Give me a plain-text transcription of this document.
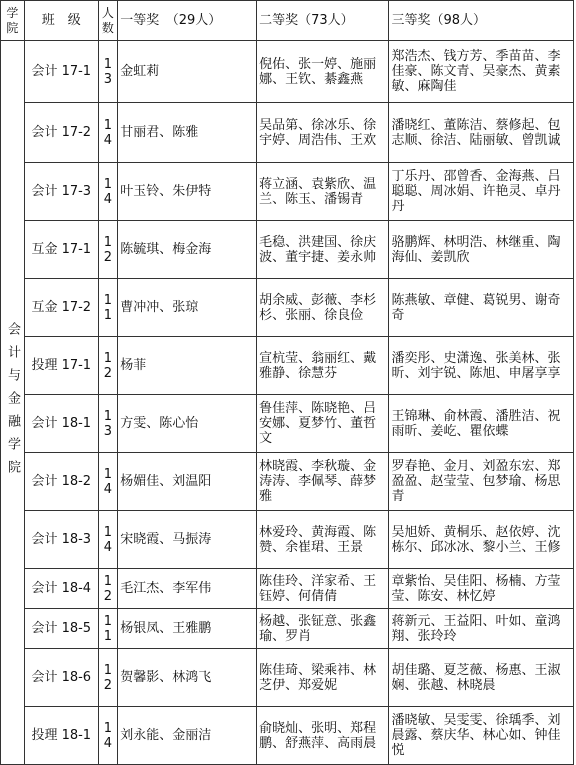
学院	班　级	人数	一等奖　（29人）	二等奖（73人）	三等奖（98人）

会计与金融学院	会计 17-1	13	金虹莉	倪佑、张一婷、施丽娜、王钦、綦鑫燕	郑浩杰、钱方芳、季苗苗、李佳豪、陈文青、吴豪杰、黄素敏、麻陶佳

	会计 17-2	14	甘丽君、陈雅	吴品第、徐冰乐、徐宇婷、周浩伟、王欢	潘晓红、董陈洁、蔡修起、包志顺、徐洁、陆丽敏、曾凯诚

	会计 17-3	14	叶玉铃、朱伊特	蒋立涵、袁紫欣、温兰、陈玉、潘锡青	丁乐丹、邵曾香、金海燕、吕聪聪、周冰娟、许艳灵、卓丹丹

	互金 17-1	12	陈毓琪、梅金海	毛稳、洪建国、徐庆波、董宇捷、姜永帅	骆鹏辉、林明浩、林继重、陶海仙、姜凯欣

	互金 17-2	11	曹冲冲、张琼	胡余威、彭薇、李杉杉、张丽、徐良俭	陈燕敏、章健、葛锐男、谢奇奇

	投理 17-1	12	杨菲	宣杭莹、翁丽红、戴雅静、徐慧芬	潘奕彤、史潇逸、张美林、张昕、刘宇锐、陈旭、申屠享享

	会计 18-1	13	方雯、陈心怡	鲁佳萍、陈晓艳、吕安娜、夏梦竹、董哲文	王锦琳、俞林霞、潘胜洁、祝雨昕、姜屹、瞿依蝶

	会计 18-2	14	杨媚佳、刘温阳	林晓霞、李秋璇、金涛涛、李佩琴、薛梦雅	罗春艳、金月、刘盈东宏、郑盈盈、赵莹莹、包梦瑜、杨思青

	会计 18-3	14	宋晓霞、马振涛	林爱玲、黄海霞、陈赞、余崔珺、王景	吴旭娇、黄桐乐、赵依婷、沈栋尔、邱冰冰、黎小兰、王修

	会计 18-4	12	毛江杰、李军伟	陈佳玲、洋家希、王钰婷、何倩倩	章紫怡、吴佳阳、杨楠、方莹莹、陈安、林忆婷

	会计 18-5	11	杨银凤、王雅鹏	杨越、张钲意、张鑫瑜、罗肖	蒋新元、王益阳、叶如、童鸿翔、张玲玲

	会计 18-6	12	贺馨影、林鸿飞	陈佳琦、梁乘祎、林芝伊、郑爱妮	胡佳璐、夏芝薇、杨惠、王淑娴、张越、林晓晨

	投理 18-1	14	刘永能、金丽洁	俞晓灿、张明、郑程鹏、舒燕萍、高雨晨	潘晓敏、吴雯雯、徐瑀季、刘晨露、蔡庆华、林心如、钟佳悦
